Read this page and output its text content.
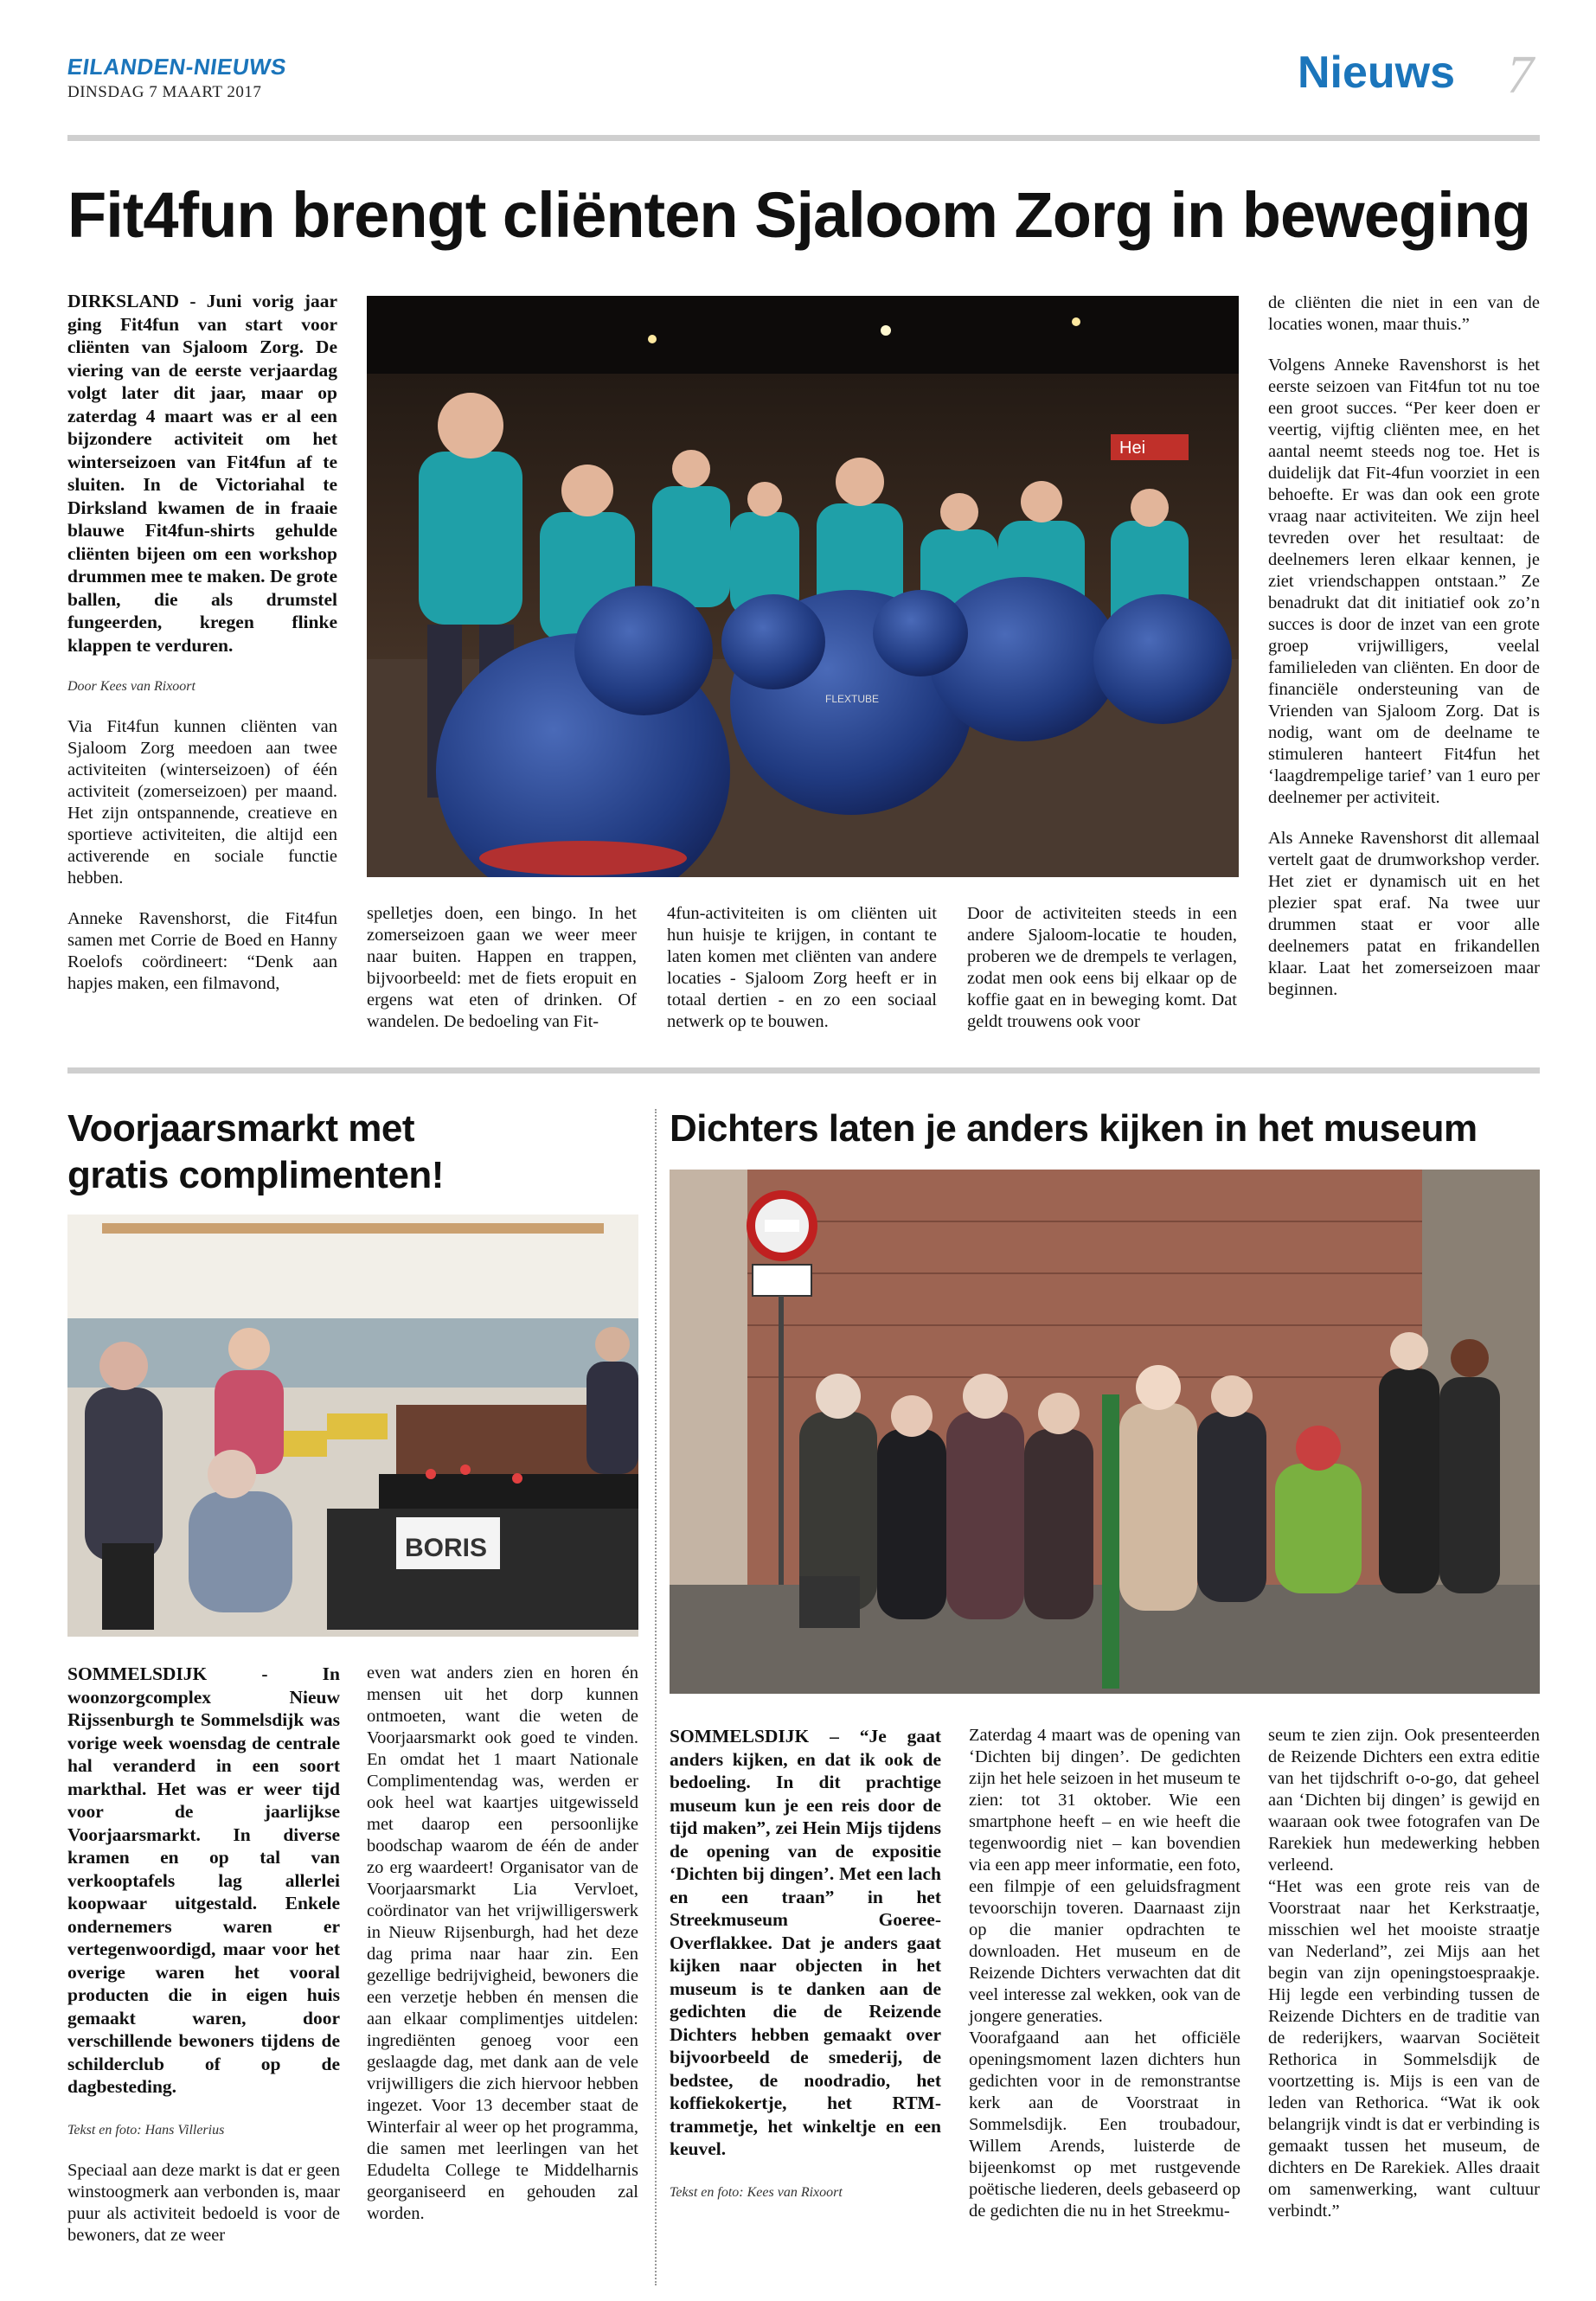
EILANDEN-NIEUWS
DINSDAG 7 MAART 2017	Nieuws 7
Fit4fun brengt cliënten Sjaloom Zorg in beweging

DIRKSLAND - Juni vorig jaar ging Fit4fun van start voor cliënten van Sjaloom Zorg. De viering van de eerste verjaardag volgt later dit jaar, maar op zaterdag 4 maart was er al een bijzondere activiteit om het winterseizoen van Fit4fun af te sluiten. In de Victoriahal te Dirksland kwamen de in fraaie blauwe Fit4fun-shirts gehulde cliënten bijeen om een workshop drummen mee te maken. De grote ballen, die als drumstel fungeerden, kregen flinke klappen te verduren.

Door Kees van Rixoort

Via Fit4fun kunnen cliënten van Sjaloom Zorg meedoen aan twee activiteiten (winterseizoen) of één activiteit (zomerseizoen) per maand. Het zijn ontspannende, creatieve en sportieve activiteiten, die altijd een activerende en sociale functie hebben.

Anneke Ravenshorst, die Fit4fun samen met Corrie de Boed en Hanny Roelofs coördineert: “Denk aan hapjes maken, een filmavond,

Hei
FLEXTUBE
spelletjes doen, een bingo. In het zomerseizoen gaan we weer meer naar buiten. Happen en trappen, bijvoorbeeld: met de fiets eropuit en ergens wat eten of drinken. Of wandelen. De bedoeling van Fit-
4fun-activiteiten is om cliënten uit hun huisje te krijgen, in contant te laten komen met cliënten van andere locaties - Sjaloom Zorg heeft er in totaal dertien - en zo een sociaal netwerk op te bouwen.
Door de activiteiten steeds in een andere Sjaloom-locatie te houden, proberen we de drempels te verlagen, zodat men ook eens bij elkaar op de koffie gaat en in beweging komt. Dat geldt trouwens ook voor

de cliënten die niet in een van de locaties wonen, maar thuis.”

Volgens Anneke Ravenshorst is het eerste seizoen van Fit4fun tot nu toe een groot succes. “Per keer doen er veertig, vijftig cliënten mee, en het aantal neemt steeds nog toe. Het is duidelijk dat Fit-4fun voorziet in een behoefte. Er was dan ook een grote vraag naar activiteiten. We zijn heel tevreden over het resultaat: de deelnemers leren elkaar kennen, je ziet vriendschappen ontstaan.” Ze benadrukt dat dit initiatief ook zo’n succes is door de inzet van een grote groep vrijwilligers, veelal familieleden van cliënten. En door de financiële ondersteuning van de Vrienden van Sjaloom Zorg. Dat is nodig, want om de deelname te stimuleren hanteert Fit4fun het ‘laagdrempelige tarief’ van 1 euro per deelnemer per activiteit.

Als Anneke Ravenshorst dit allemaal vertelt gaat de drumworkshop verder. Het ziet er dynamisch uit en het plezier spat eraf. Na twee uur drummen staat er voor alle deelnemers patat en frikandellen klaar. Laat het zomerseizoen maar beginnen.

Voorjaarsmarkt met
gratis complimenten!
BORIS

SOMMELSDIJK - In woonzorgcomplex Nieuw Rijssenburgh te Sommelsdijk was vorige week woensdag de centrale hal veranderd in een soort markthal. Het was er weer tijd voor de jaarlijkse Voorjaarsmarkt. In diverse kramen en op tal van verkooptafels lag allerlei koopwaar uitgestald. Enkele ondernemers waren er vertegenwoordigd, maar voor het overige waren het vooral producten die in eigen huis gemaakt waren, door verschillende bewoners tijdens de schilderclub of op de dagbesteding.

Tekst en foto: Hans Villerius

Speciaal aan deze markt is dat er geen winstoogmerk aan verbonden is, maar puur als activiteit bedoeld is voor de bewoners, dat ze weer

even wat anders zien en horen én mensen uit het dorp kunnen ontmoeten, want die weten de Voorjaarsmarkt ook goed te vinden. En omdat het 1 maart Nationale Complimentendag was, werden er ook heel wat kaartjes uitgewisseld met daarop een persoonlijke boodschap waarom de één de ander zo erg waardeert! Organisator van de Voorjaarsmarkt Lia Vervloet, coördinator van het vrijwilligerswerk in Nieuw Rijsenburgh, had het deze dag prima naar haar zin. Een gezellige bedrijvigheid, bewoners die een verzetje hebben én mensen die aan elkaar complimentjes uitdelen: ingrediënten genoeg voor een geslaagde dag, met dank aan de vele vrijwilligers die zich hiervoor hebben ingezet. Voor 13 december staat de Winterfair al weer op het programma, die samen met leerlingen van het Edudelta College te Middelharnis georganiseerd en gehouden zal worden.
Dichters laten je anders kijken in het museum

SOMMELSDIJK – “Je gaat anders kijken, en dat ik ook de bedoeling. In dit prachtige museum kun je een reis door de tijd maken”, zei Hein Mijs tijdens de opening van de expositie ‘Dichten bij dingen’. Met een lach en een traan” in het Streekmuseum Goeree-Overflakkee. Dat je anders gaat kijken naar objecten in het museum is te danken aan de gedichten die de Reizende Dichters hebben gemaakt over bijvoorbeeld de smederij, de bedstee, de noodradio, het koffiekokertje, het RTM-trammetje, het winkeltje en een keuvel.

Tekst en foto: Kees van Rixoort

Zaterdag 4 maart was de opening van ‘Dichten bij dingen’. De gedichten zijn het hele seizoen in het museum te zien: tot 31 oktober. Wie een smartphone heeft – en wie heeft die tegenwoordig niet – kan bovendien via een app meer informatie, een foto, een filmpje of een geluidsfragment tevoorschijn toveren. Daarnaast zijn op die manier opdrachten te downloaden. Het museum en de Reizende Dichters verwachten dat dit veel interesse zal wekken, ook van de jongere generaties.

Voorafgaand aan het officiële openingsmoment lazen dichters hun gedichten voor in de remonstrantse kerk aan de Voorstraat in Sommelsdijk. Een troubadour, Willem Arends, luisterde de bijeenkomst op met rustgevende poëtische liederen, deels gebaseerd op de gedichten die nu in het Streekmu-

seum te zien zijn. Ook presenteerden de Reizende Dichters een extra editie van het tijdschrift o-o-go, dat geheel aan ‘Dichten bij dingen’ is gewijd en waaraan ook twee fotografen van De Rarekiek hun medewerking hebben verleend.

“Het was een grote reis van de Voorstraat naar het Kerkstraatje, misschien wel het mooiste straatje van Nederland”, zei Mijs aan het begin van zijn openingstoespraakje. Hij legde een verbinding tussen de Reizende Dichters en de traditie van de rederijkers, waarvan Sociëteit Rethorica in Sommelsdijk de voortzetting is. Mijs is een van de leden van Rethorica. “Wat ik ook belangrijk vindt is dat er verbinding is gemaakt tussen het museum, de dichters en De Rarekiek. Alles draait om samenwerking, want cultuur verbindt.”
